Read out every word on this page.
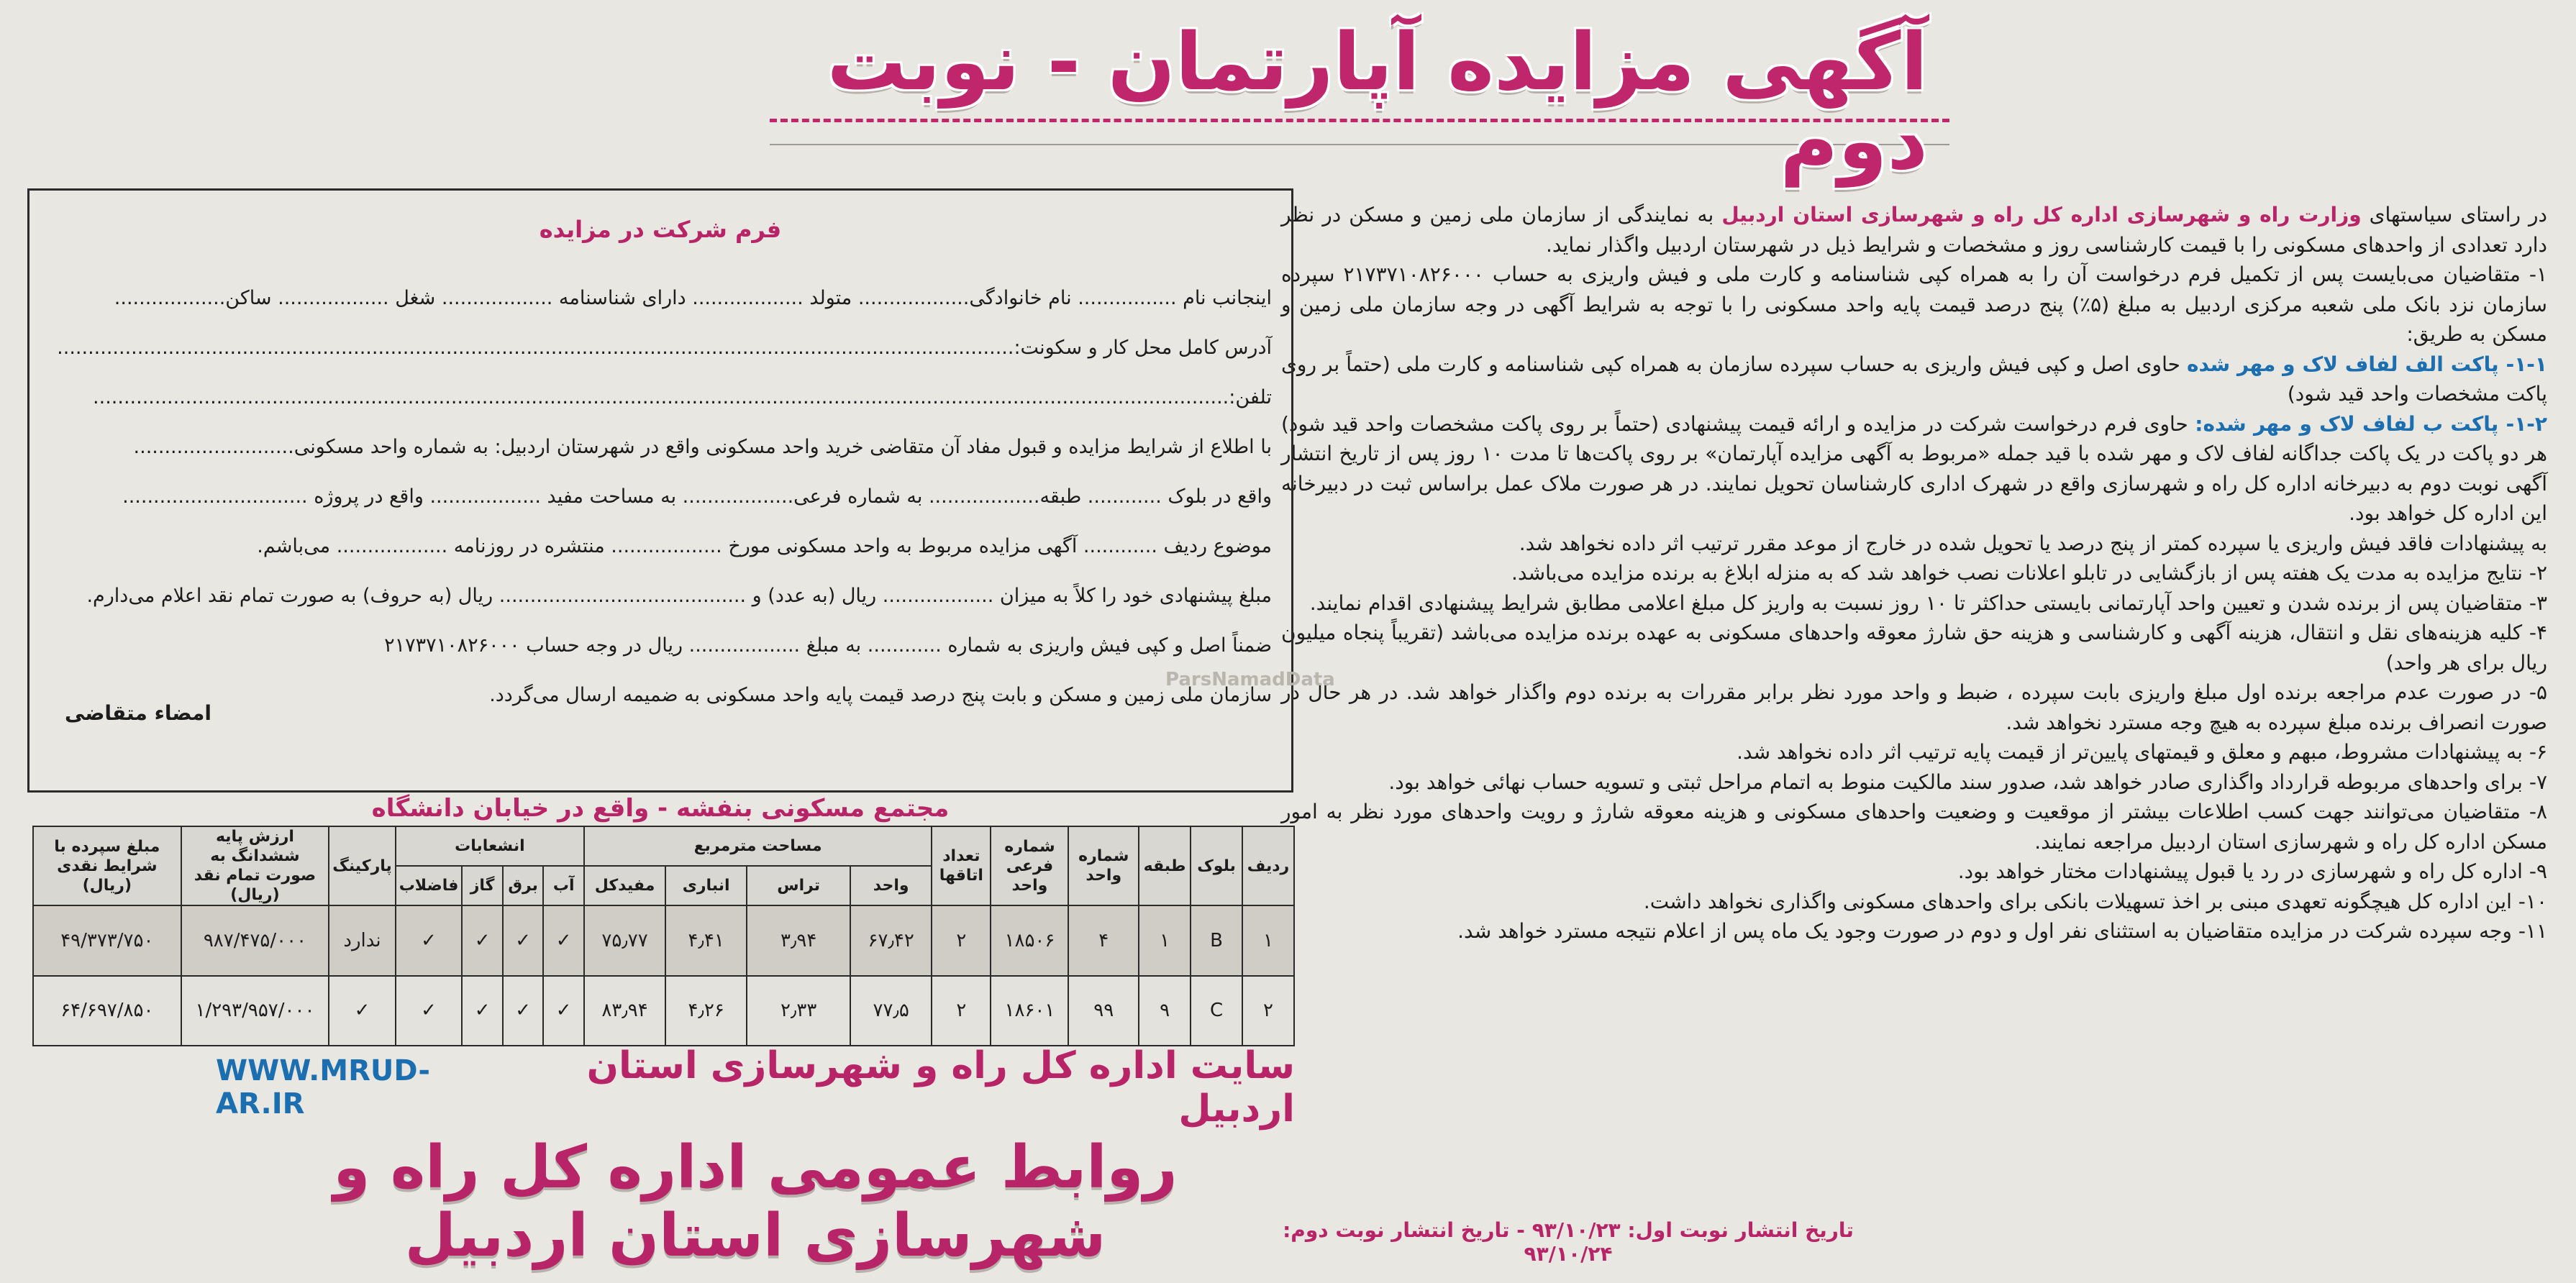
آگهی مزایده آپارتمان - نوبت دوم

در راستای سیاستهای وزارت راه و شهرسازی اداره کل راه و شهرسازی استان اردبیل به نمایندگی از سازمان ملی زمین و مسکن در نظر دارد تعدادی از واحدهای مسکونی را با قیمت کارشناسی روز و مشخصات و شرایط ذیل در شهرستان اردبیل واگذار نماید.

۱- متقاضیان می‌بایست پس از تکمیل فرم درخواست آن را به همراه کپی شناسنامه و کارت ملی و فیش واریزی به حساب ۲۱۷۳۷۱۰۸۲۶۰۰۰ سپرده سازمان نزد بانک ملی شعبه مرکزی اردبیل به مبلغ (۵٪) پنج درصد قیمت پایه واحد مسکونی را با توجه به شرایط آگهی در وجه سازمان ملی زمین و مسکن به طریق:

۱-۱- پاکت الف لفاف لاک و مهر شده حاوی اصل و کپی فیش واریزی به حساب سپرده سازمان به همراه کپی شناسنامه و کارت ملی (حتماً بر روی پاکت مشخصات واحد قید شود)

۱-۲- پاکت ب لفاف لاک و مهر شده: حاوی فرم درخواست شرکت در مزایده و ارائه قیمت پیشنهادی (حتماً بر روی پاکت مشخصات واحد قید شود) هر دو پاکت در یک پاکت جداگانه لفاف لاک و مهر شده با قید جمله «مربوط به آگهی مزایده آپارتمان» بر روی پاکت‌ها تا مدت ۱۰ روز پس از تاریخ انتشار آگهی نوبت دوم به دبیرخانه اداره کل راه و شهرسازی واقع در شهرک اداری کارشناسان تحویل نمایند. در هر صورت ملاک عمل براساس ثبت در دبیرخانه این اداره کل خواهد بود.

به پیشنهادات فاقد فیش واریزی یا سپرده کمتر از پنج درصد یا تحویل شده در خارج از موعد مقرر ترتیب اثر داده نخواهد شد.

۲- نتایج مزایده به مدت یک هفته پس از بازگشایی در تابلو اعلانات نصب خواهد شد که به منزله ابلاغ به برنده مزایده می‌باشد.

۳- متقاضیان پس از برنده شدن و تعیین واحد آپارتمانی بایستی حداکثر تا ۱۰ روز نسبت به واریز کل مبلغ اعلامی مطابق شرایط پیشنهادی اقدام نمایند.

۴- کلیه هزینه‌های نقل و انتقال، هزینه آگهی و کارشناسی و هزینه حق شارژ معوقه واحدهای مسکونی به عهده برنده مزایده می‌باشد (تقریباً پنجاه میلیون ریال برای هر واحد)

۵- در صورت عدم مراجعه برنده اول مبلغ واریزی بابت سپرده ، ضبط و واحد مورد نظر برابر مقررات به برنده دوم واگذار خواهد شد. در هر حال در صورت انصراف برنده مبلغ سپرده به هیچ وجه مسترد نخواهد شد.

۶- به پیشنهادات مشروط، مبهم و معلق و قیمتهای پایین‌تر از قیمت پایه ترتیب اثر داده نخواهد شد.

۷- برای واحدهای مربوطه قرارداد واگذاری صادر خواهد شد، صدور سند مالکیت منوط به اتمام مراحل ثبتی و تسویه حساب نهائی خواهد بود.

۸- متقاضیان می‌توانند جهت کسب اطلاعات بیشتر از موقعیت و وضعیت واحدهای مسکونی و هزینه معوقه شارژ و رویت واحدهای مورد نظر به امور مسکن اداره کل راه و شهرسازی استان اردبیل مراجعه نمایند.

۹- اداره کل راه و شهرسازی در رد یا قبول پیشنهادات مختار خواهد بود.

۱۰- این اداره کل هیچگونه تعهدی مبنی بر اخذ تسهیلات بانکی برای واحدهای مسکونی واگذاری نخواهد داشت.

۱۱- وجه سپرده شرکت در مزایده متقاضیان به استثنای نفر اول و دوم در صورت وجود یک ماه پس از اعلام نتیجه مسترد خواهد شد.

فرم شرکت در مزایده
اینجانب نام ................ نام خانوادگی.................. متولد .................. دارای شناسنامه .................. شغل .................. ساکن..................
آدرس کامل محل کار و سکونت:...........................................................................................................................................................
تلفن:........................................................................................................................................................................................
با اطلاع از شرایط مزایده و قبول مفاد آن متقاضی خرید واحد مسکونی واقع در شهرستان اردبیل: به شماره واحد مسکونی..........................
واقع در بلوک ............ طبقه.................. به شماره فرعی.................. به مساحت مفید .................. واقع در پروژه ..............................
موضوع ردیف ............ آگهی مزایده مربوط به واحد مسکونی مورخ .................. منتشره در روزنامه .................. می‌باشم.
مبلغ پیشنهادی خود را کلاً به میزان .................. ریال (به عدد) و ........................................ ریال (به حروف) به صورت تمام نقد اعلام می‌دارم.
ضمناً اصل و کپی فیش واریزی به شماره ............ به مبلغ .................. ریال در وجه حساب ۲۱۷۳۷۱۰۸۲۶۰۰۰
سازمان ملی زمین و مسکن و بابت پنج درصد قیمت پایه واحد مسکونی به ضمیمه ارسال می‌گردد.
امضاء متقاضی
مجتمع مسکونی بنفشه - واقع در خیابان دانشگاه
ردیف	بلوک	طبقه	شماره واحد	شماره فرعی واحد	تعداد اتاقها	مساحت مترمربع				انشعابات				پارکینگ	ارزش پایه ششدانگ به صورت تمام نقد (ریال)	مبلغ سپرده با شرایط نقدی (ریال)
						واحد	تراس	انباری	مفیدکل	آب	برق	گاز	فاضلاب			
۱	B	۱	۴	۱۸۵۰۶	۲	۶۷٫۴۲	۳٫۹۴	۴٫۴۱	۷۵٫۷۷	✓	✓	✓	✓	ندارد	۹۸۷/۴۷۵/۰۰۰	۴۹/۳۷۳/۷۵۰
۲	C	۹	۹۹	۱۸۶۰۱	۲	۷۷٫۵	۲٫۳۳	۴٫۲۶	۸۳٫۹۴	✓	✓	✓	✓	✓	۱/۲۹۳/۹۵۷/۰۰۰	۶۴/۶۹۷/۸۵۰
سایت اداره کل راه و شهرسازی استان اردبیل
WWW.MRUD-AR.IR
روابط عمومی اداره کل راه و شهرسازی استان اردبیل	تاریخ انتشار نوبت اول: ۹۳/۱۰/۲۳ - تاریخ انتشار نوبت دوم: ۹۳/۱۰/۲۴
ParsNamadData
